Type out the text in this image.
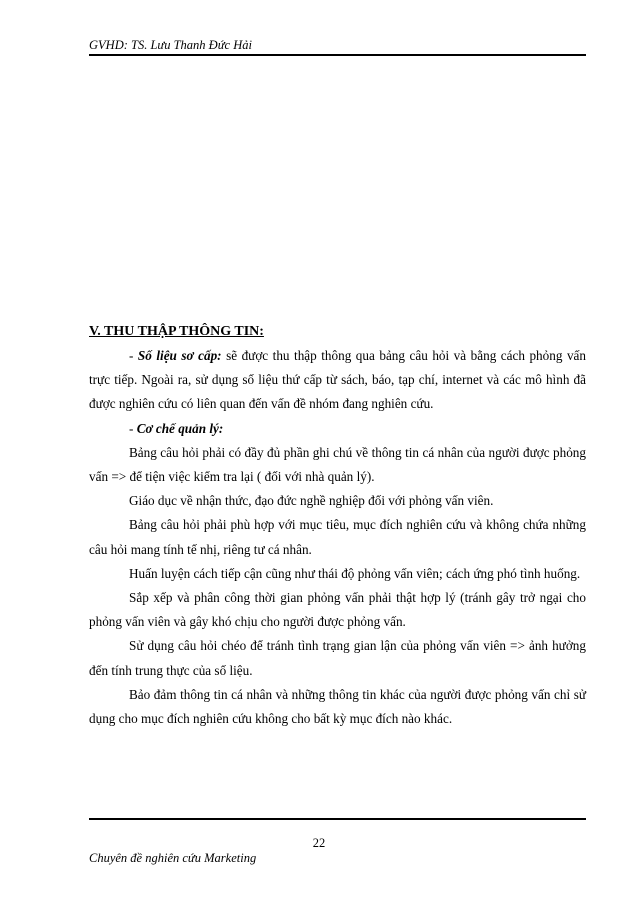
GVHD: TS. Lưu Thanh Đức Hải
V. THU THẬP THÔNG TIN:

- Số liệu sơ cấp: sẽ được thu thập thông qua bảng câu hỏi và bằng cách phỏng vấn trực tiếp. Ngoài ra, sử dụng số liệu thứ cấp từ sách, báo, tạp chí, internet và các mô hình đã được nghiên cứu có liên quan đến vấn đề nhóm đang nghiên cứu.

- Cơ chế quản lý:

Bảng câu hỏi phải có đầy đủ phần ghi chú về thông tin cá nhân của người được phỏng vấn => để tiện việc kiểm tra lại ( đối với nhà quản lý).

Giáo dục về nhận thức, đạo đức nghề nghiệp đối với phỏng vấn viên.

Bảng câu hỏi phải phù hợp với mục tiêu, mục đích nghiên cứu và không chứa những câu hỏi mang tính tế nhị, riêng tư cá nhân.

Huấn luyện cách tiếp cận cũng như thái độ phỏng vấn viên; cách ứng phó tình huống.

Sắp xếp và phân công thời gian phỏng vấn phải thật hợp lý (tránh gây trở ngại cho phỏng vấn viên và gây khó chịu cho người được phỏng vấn.

Sử dụng câu hỏi chéo để tránh tình trạng gian lận của phỏng vấn viên => ảnh hưởng đến tính trung thực của số liệu.

Bảo đảm thông tin cá nhân và những thông tin khác của người được phỏng vấn chỉ sử dụng cho mục đích nghiên cứu không cho bất kỳ mục đích nào khác.

22
Chuyên đề nghiên cứu Marketing
